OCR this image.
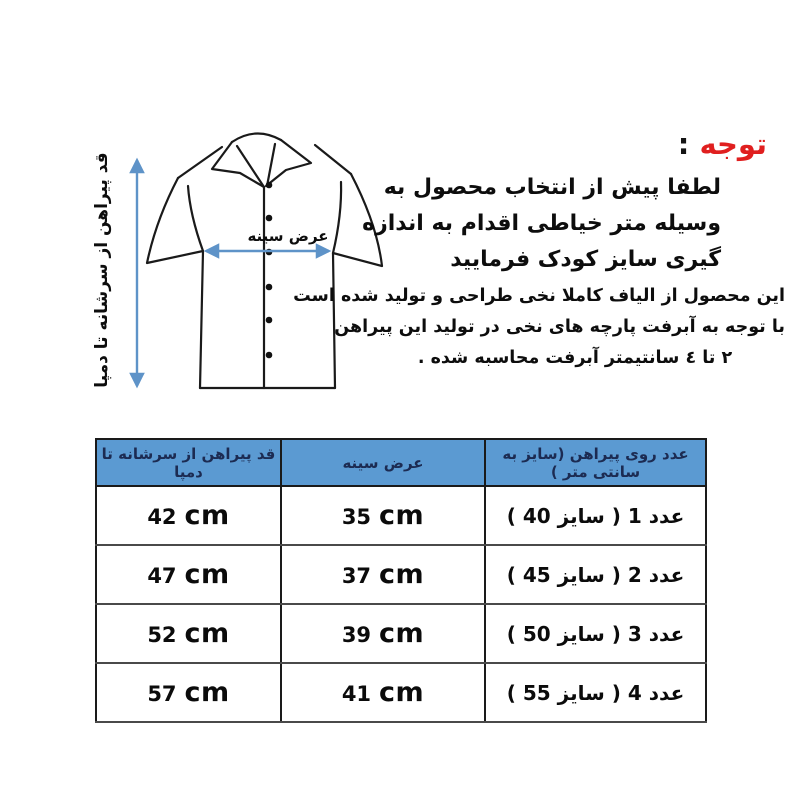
عرض سینه
قد پیراهن از سرشانه تا دمپا
توجه :
لطفا پیش از انتخاب محصول به
وسیله متر خیاطی اقدام به اندازه
گیری سایز کودک فرمایید
این محصول از الیاف کاملا نخی طراحی و تولید شده است
با توجه به آبرفت پارچه های نخی در تولید این پیراهن
۲ تا ٤ سانتیمتر آبرفت محاسبه شده .
عدد روی پیراهن (سایز به سانتی متر )	عرض سینه	قد پیراهن از سرشانه تا دمپا
عدد 1 ( سایز 40 )	35 cm	42 cm
عدد 2 ( سایز 45 )	37 cm	47 cm
عدد 3 ( سایز 50 )	39 cm	52 cm
عدد 4 ( سایز 55 )	41 cm	57 cm
